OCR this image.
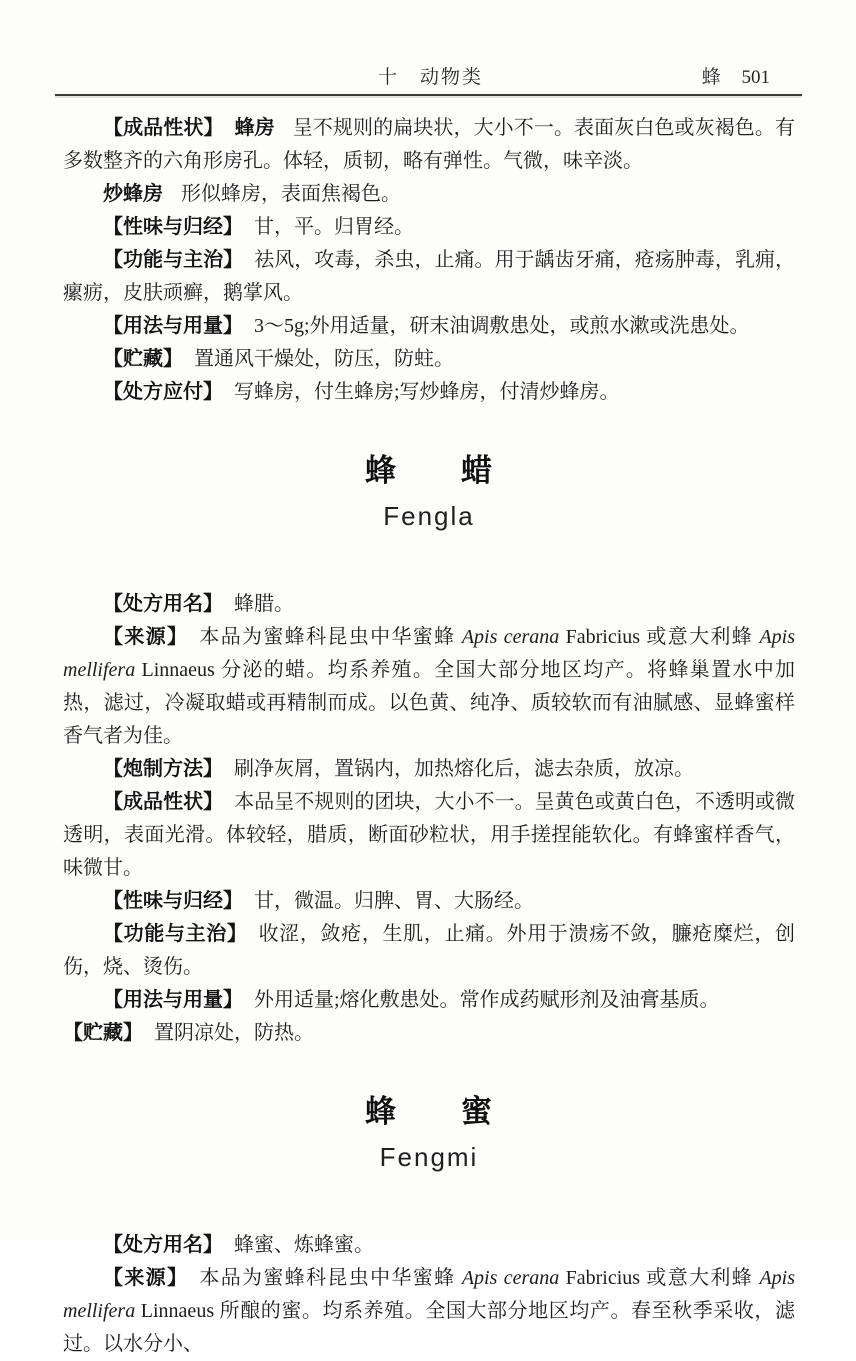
十　动物类	蜂 501

【成品性状】 蜂房 呈不规则的扁块状，大小不一。表面灰白色或灰褐色。有多数整齐的六角形房孔。体轻，质韧，略有弹性。气微，味辛淡。

炒蜂房 形似蜂房，表面焦褐色。

【性味与归经】 甘，平。归胃经。

【功能与主治】 祛风，攻毒，杀虫，止痛。用于龋齿牙痛，疮疡肿毒，乳痈，瘰疬，皮肤顽癣，鹅掌风。

【用法与用量】 3～5g;外用适量，研末油调敷患处，或煎水漱或洗患处。

【贮藏】 置通风干燥处，防压，防蛀。

【处方应付】 写蜂房，付生蜂房;写炒蜂房，付清炒蜂房。

蜂　　蜡
Fengla

【处方用名】 蜂腊。

【来源】 本品为蜜蜂科昆虫中华蜜蜂 Apis cerana Fabricius 或意大利蜂 Apis mellifera Linnaeus 分泌的蜡。均系养殖。全国大部分地区均产。将蜂巢置水中加热，滤过，冷凝取蜡或再精制而成。以色黄、纯净、质较软而有油腻感、显蜂蜜样香气者为佳。

【炮制方法】 刷净灰屑，置锅内，加热熔化后，滤去杂质，放凉。

【成品性状】 本品呈不规则的团块，大小不一。呈黄色或黄白色，不透明或微透明，表面光滑。体较轻，腊质，断面砂粒状，用手搓捏能软化。有蜂蜜样香气，味微甘。

【性味与归经】 甘，微温。归脾、胃、大肠经。

【功能与主治】 收涩，敛疮，生肌，止痛。外用于溃疡不敛，臁疮糜烂，创伤，烧、烫伤。

【用法与用量】 外用适量;熔化敷患处。常作成药赋形剂及油膏基质。

【贮藏】 置阴凉处，防热。

蜂　　蜜
Fengmi

【处方用名】 蜂蜜、炼蜂蜜。

【来源】 本品为蜜蜂科昆虫中华蜜蜂 Apis cerana Fabricius 或意大利蜂 Apis mellifera Linnaeus 所酿的蜜。均系养殖。全国大部分地区均产。春至秋季采收，滤过。以水分小、
